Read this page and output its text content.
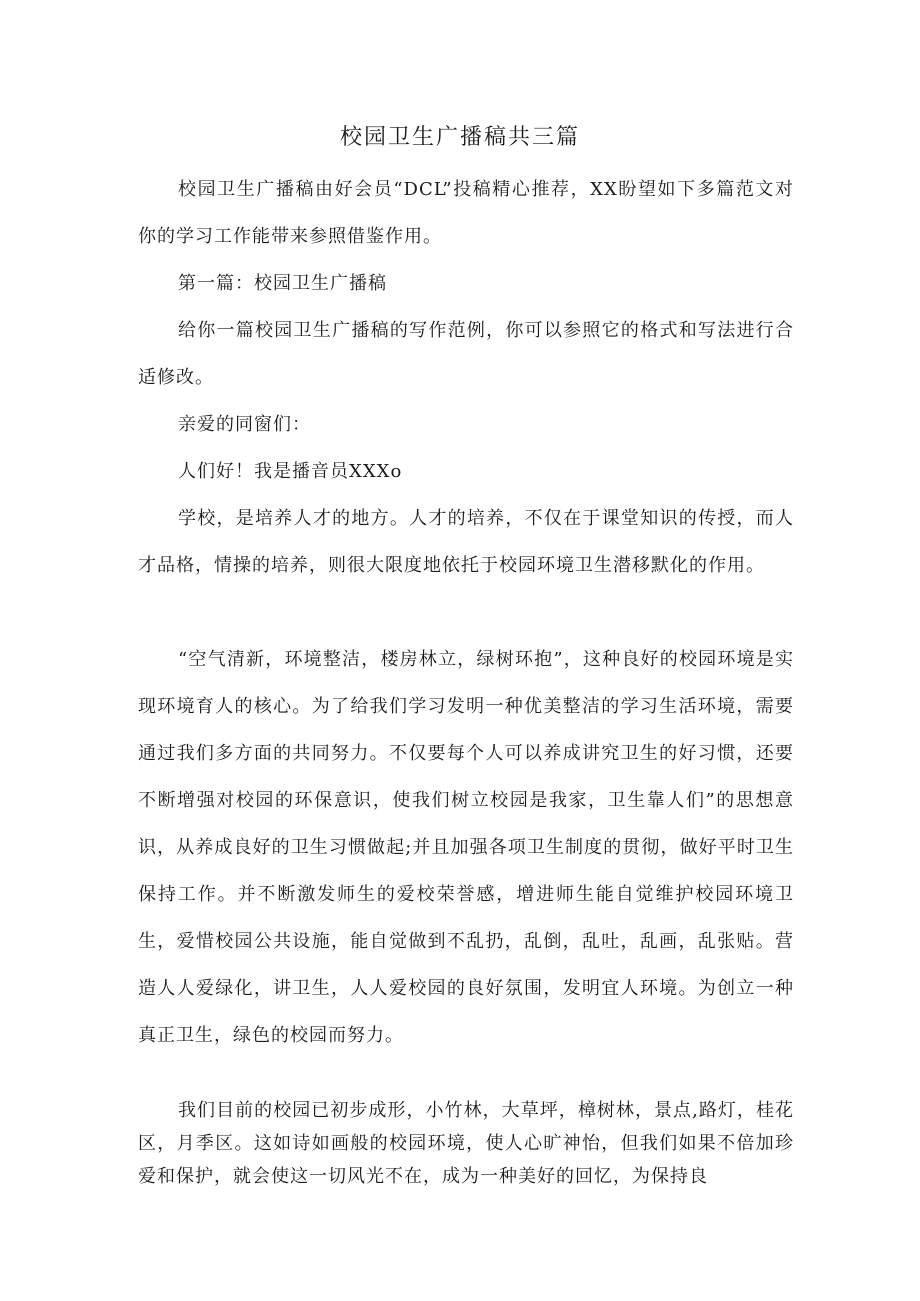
校园卫生广播稿共三篇

校园卫生广播稿由好会员“DCL”投稿精心推荐，XX盼望如下多篇范文对你的学习工作能带来参照借鉴作用。

第一篇：校园卫生广播稿

给你一篇校园卫生广播稿的写作范例，你可以参照它的格式和写法进行合适修改。

亲爱的同窗们：

人们好！我是播音员XXXo

学校，是培养人才的地方。人才的培养，不仅在于课堂知识的传授，而人才品格，情操的培养，则很大限度地依托于校园环境卫生潜移默化的作用。

“空气清新，环境整洁，楼房林立，绿树环抱”，这种良好的校园环境是实现环境育人的核心。为了给我们学习发明一种优美整洁的学习生活环境，需要通过我们多方面的共同努力。不仅要每个人可以养成讲究卫生的好习惯，还要不断增强对校园的环保意识，使我们树立校园是我家，卫生靠人们”的思想意识，从养成良好的卫生习惯做起;并且加强各项卫生制度的贯彻，做好平时卫生保持工作。并不断激发师生的爱校荣誉感，增进师生能自觉维护校园环境卫生，爱惜校园公共设施，能自觉做到不乱扔，乱倒，乱吐，乱画，乱张贴。营造人人爱绿化，讲卫生，人人爱校园的良好氛围，发明宜人环境。为创立一种真正卫生，绿色的校园而努力。

我们目前的校园已初步成形，小竹林，大草坪，樟树林，景点,路灯，桂花区，月季区。这如诗如画般的校园环境，使人心旷神怡，但我们如果不倍加珍爱和保护，就会使这一切风光不在，成为一种美好的回忆，为保持良
